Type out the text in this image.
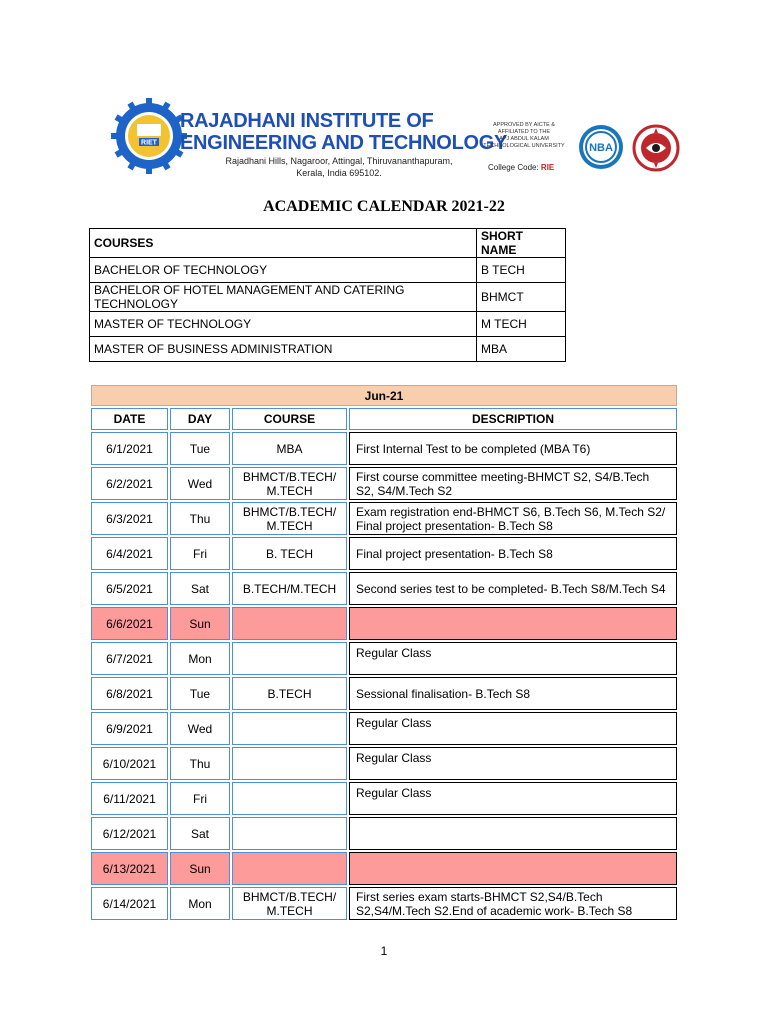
RIET
RAJADHANI INSTITUTE OF
ENGINEERING AND TECHNOLOGY
Rajadhani Hills, Nagaroor, Attingal, Thiruvananthapuram,
Kerala, India 695102.
APPROVED BY AICTE &
AFFILIATED TO THE
APJ ABDUL KALAM
TECHNOLOGICAL UNIVERSITY
College Code: RIE
NBA
ACADEMIC CALENDAR 2021-22
COURSES	SHORT NAME
BACHELOR OF TECHNOLOGY	B TECH
BACHELOR OF HOTEL MANAGEMENT AND CATERING TECHNOLOGY	BHMCT
MASTER OF TECHNOLOGY	M TECH
MASTER OF BUSINESS ADMINISTRATION	MBA
Jun-21			
DATE	DAY	COURSE	DESCRIPTION
6/1/2021	Tue	MBA	First Internal Test to be completed (MBA T6)
6/2/2021	Wed	BHMCT/B.TECH/
M.TECH	First course committee meeting-BHMCT S2, S4/B.Tech S2, S4/M.Tech S2
6/3/2021	Thu	BHMCT/B.TECH/
M.TECH	Exam registration end-BHMCT S6, B.Tech S6, M.Tech S2/ Final project presentation- B.Tech S8
6/4/2021	Fri	B. TECH	Final project presentation- B.Tech S8
6/5/2021	Sat	B.TECH/M.TECH	Second series test to be completed- B.Tech S8/M.Tech S4
6/6/2021	Sun		
6/7/2021	Mon		Regular Class
6/8/2021	Tue	B.TECH	Sessional finalisation- B.Tech S8
6/9/2021	Wed		Regular Class
6/10/2021	Thu		Regular Class
6/11/2021	Fri		Regular Class
6/12/2021	Sat		
6/13/2021	Sun		
6/14/2021	Mon	BHMCT/B.TECH/
M.TECH	First series exam starts-BHMCT S2,S4/B.Tech S2,S4/M.Tech S2.End of academic work- B.Tech S8
1
